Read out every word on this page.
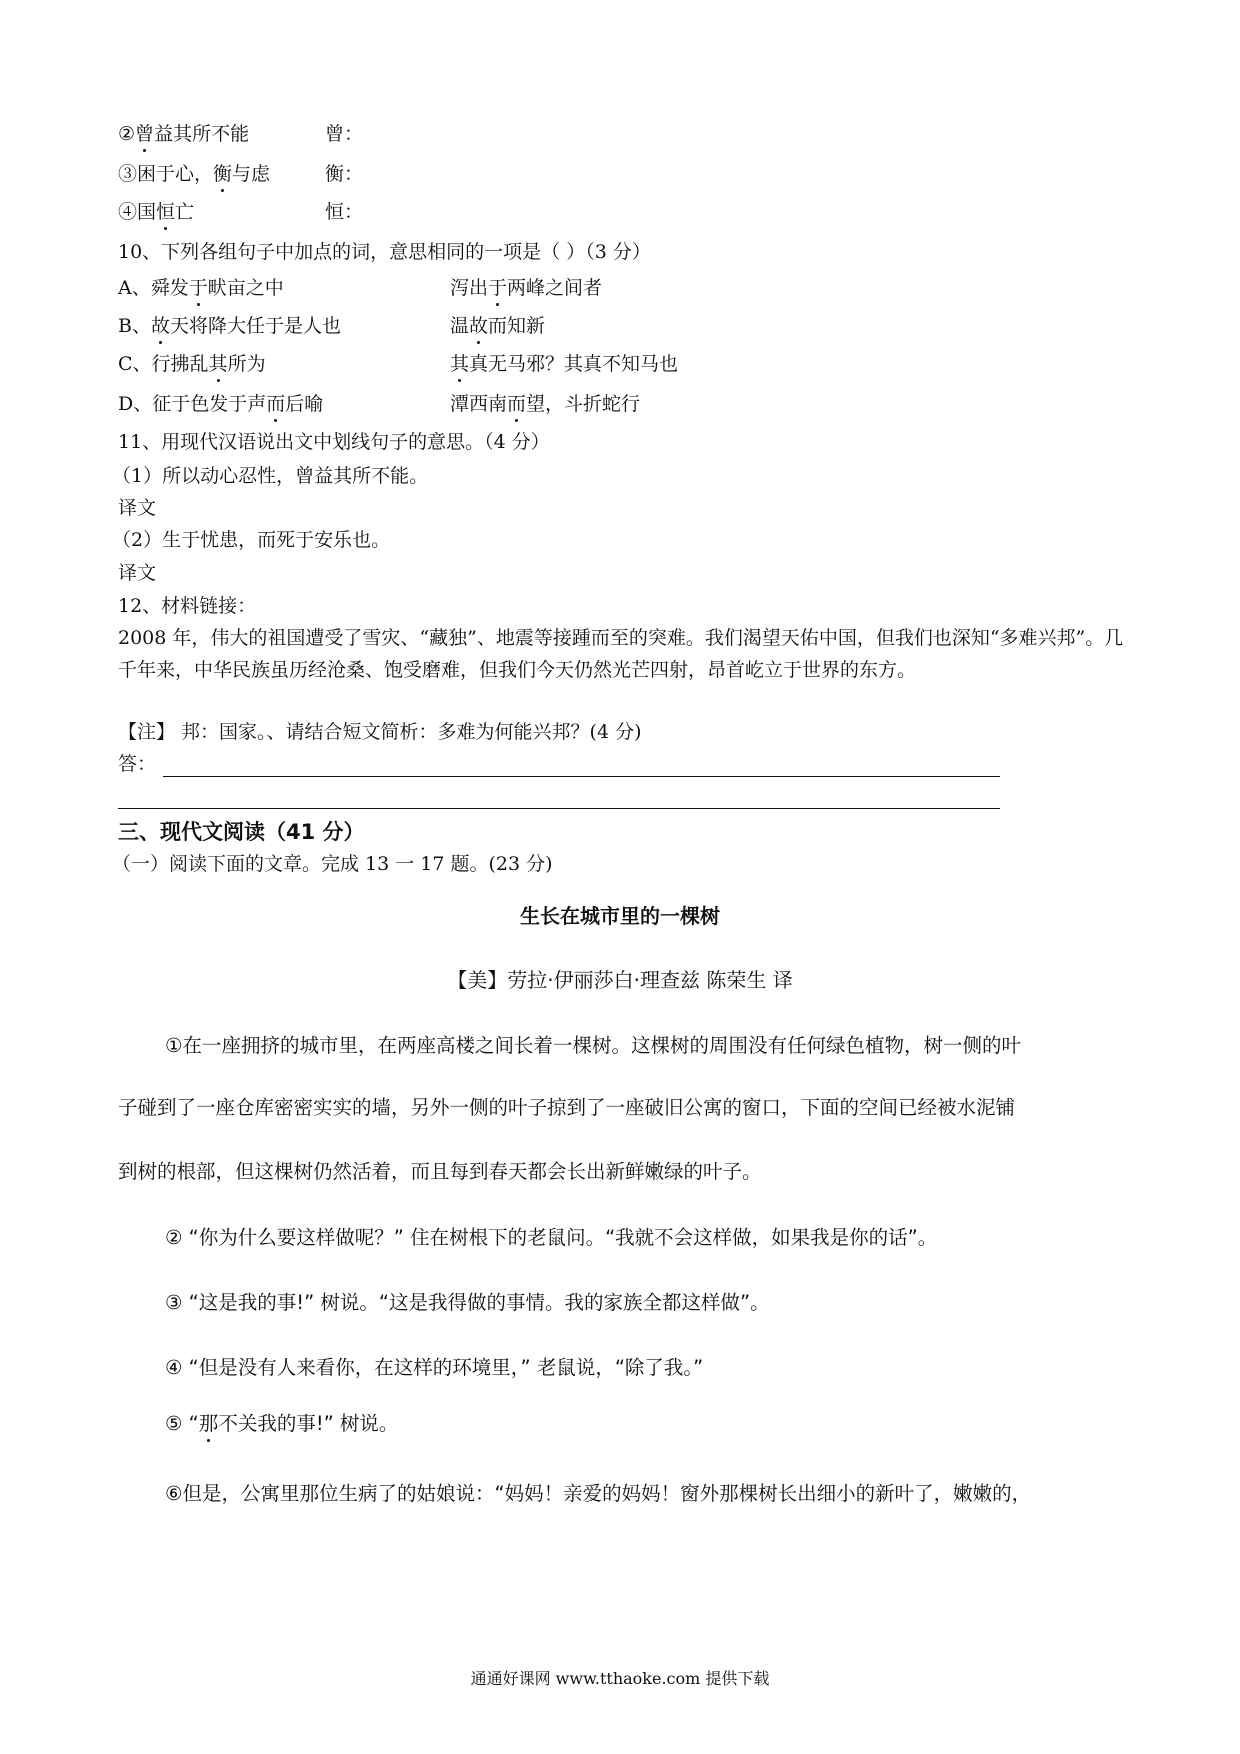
②曾益其所不能	曾：
③困于心，衡与虑	衡：
④国恒亡	恒：
10、下列各组句子中加点的词，意思相同的一项是（ ）（3 分）
A、舜发于畎亩之中	泻出于两峰之间者
B、故天将降大任于是人也	温故而知新
C、行拂乱其所为	其真无马邪？其真不知马也
D、征于色发于声而后喻	潭西南而望，斗折蛇行
11、用现代汉语说出文中划线句子的意思。（4 分）
（1）所以动心忍性，曾益其所不能。
译文
（2）生于忧患，而死于安乐也。
译文
12、材料链接：
2008 年，伟大的祖国遭受了雪灾、“藏独”、地震等接踵而至的突难。我们渴望天佑中国，但我们也深知“多难兴邦”。几千年来，中华民族虽历经沧桑、饱受磨难，但我们今天仍然光芒四射，昂首屹立于世界的东方。
【注】 邦：国家。、请结合短文简析：多难为何能兴邦？(4 分)
答：
三、现代文阅读（41 分）
（一）阅读下面的文章。完成 13 一 17 题。(23 分)
生长在城市里的一棵树
【美】劳拉·伊丽莎白·理查兹 陈荣生 译
①在一座拥挤的城市里，在两座高楼之间长着一棵树。这棵树的周围没有任何绿色植物，树一侧的叶
子碰到了一座仓库密密实实的墙，另外一侧的叶子掠到了一座破旧公寓的窗口，下面的空间已经被水泥铺
到树的根部，但这棵树仍然活着，而且每到春天都会长出新鲜嫩绿的叶子。
② “你为什么要这样做呢？” 住在树根下的老鼠问。“我就不会这样做，如果我是你的话”。
③ “这是我的事!” 树说。“这是我得做的事情。我的家族全都这样做”。
④ “但是没有人来看你，在这样的环境里，” 老鼠说，“除了我。”
⑤ “那不关我的事!” 树说。
⑥但是，公寓里那位生病了的姑娘说：“妈妈！亲爱的妈妈！窗外那棵树长出细小的新叶了，嫩嫩的，
通通好课网 www.tthaoke.com 提供下载
